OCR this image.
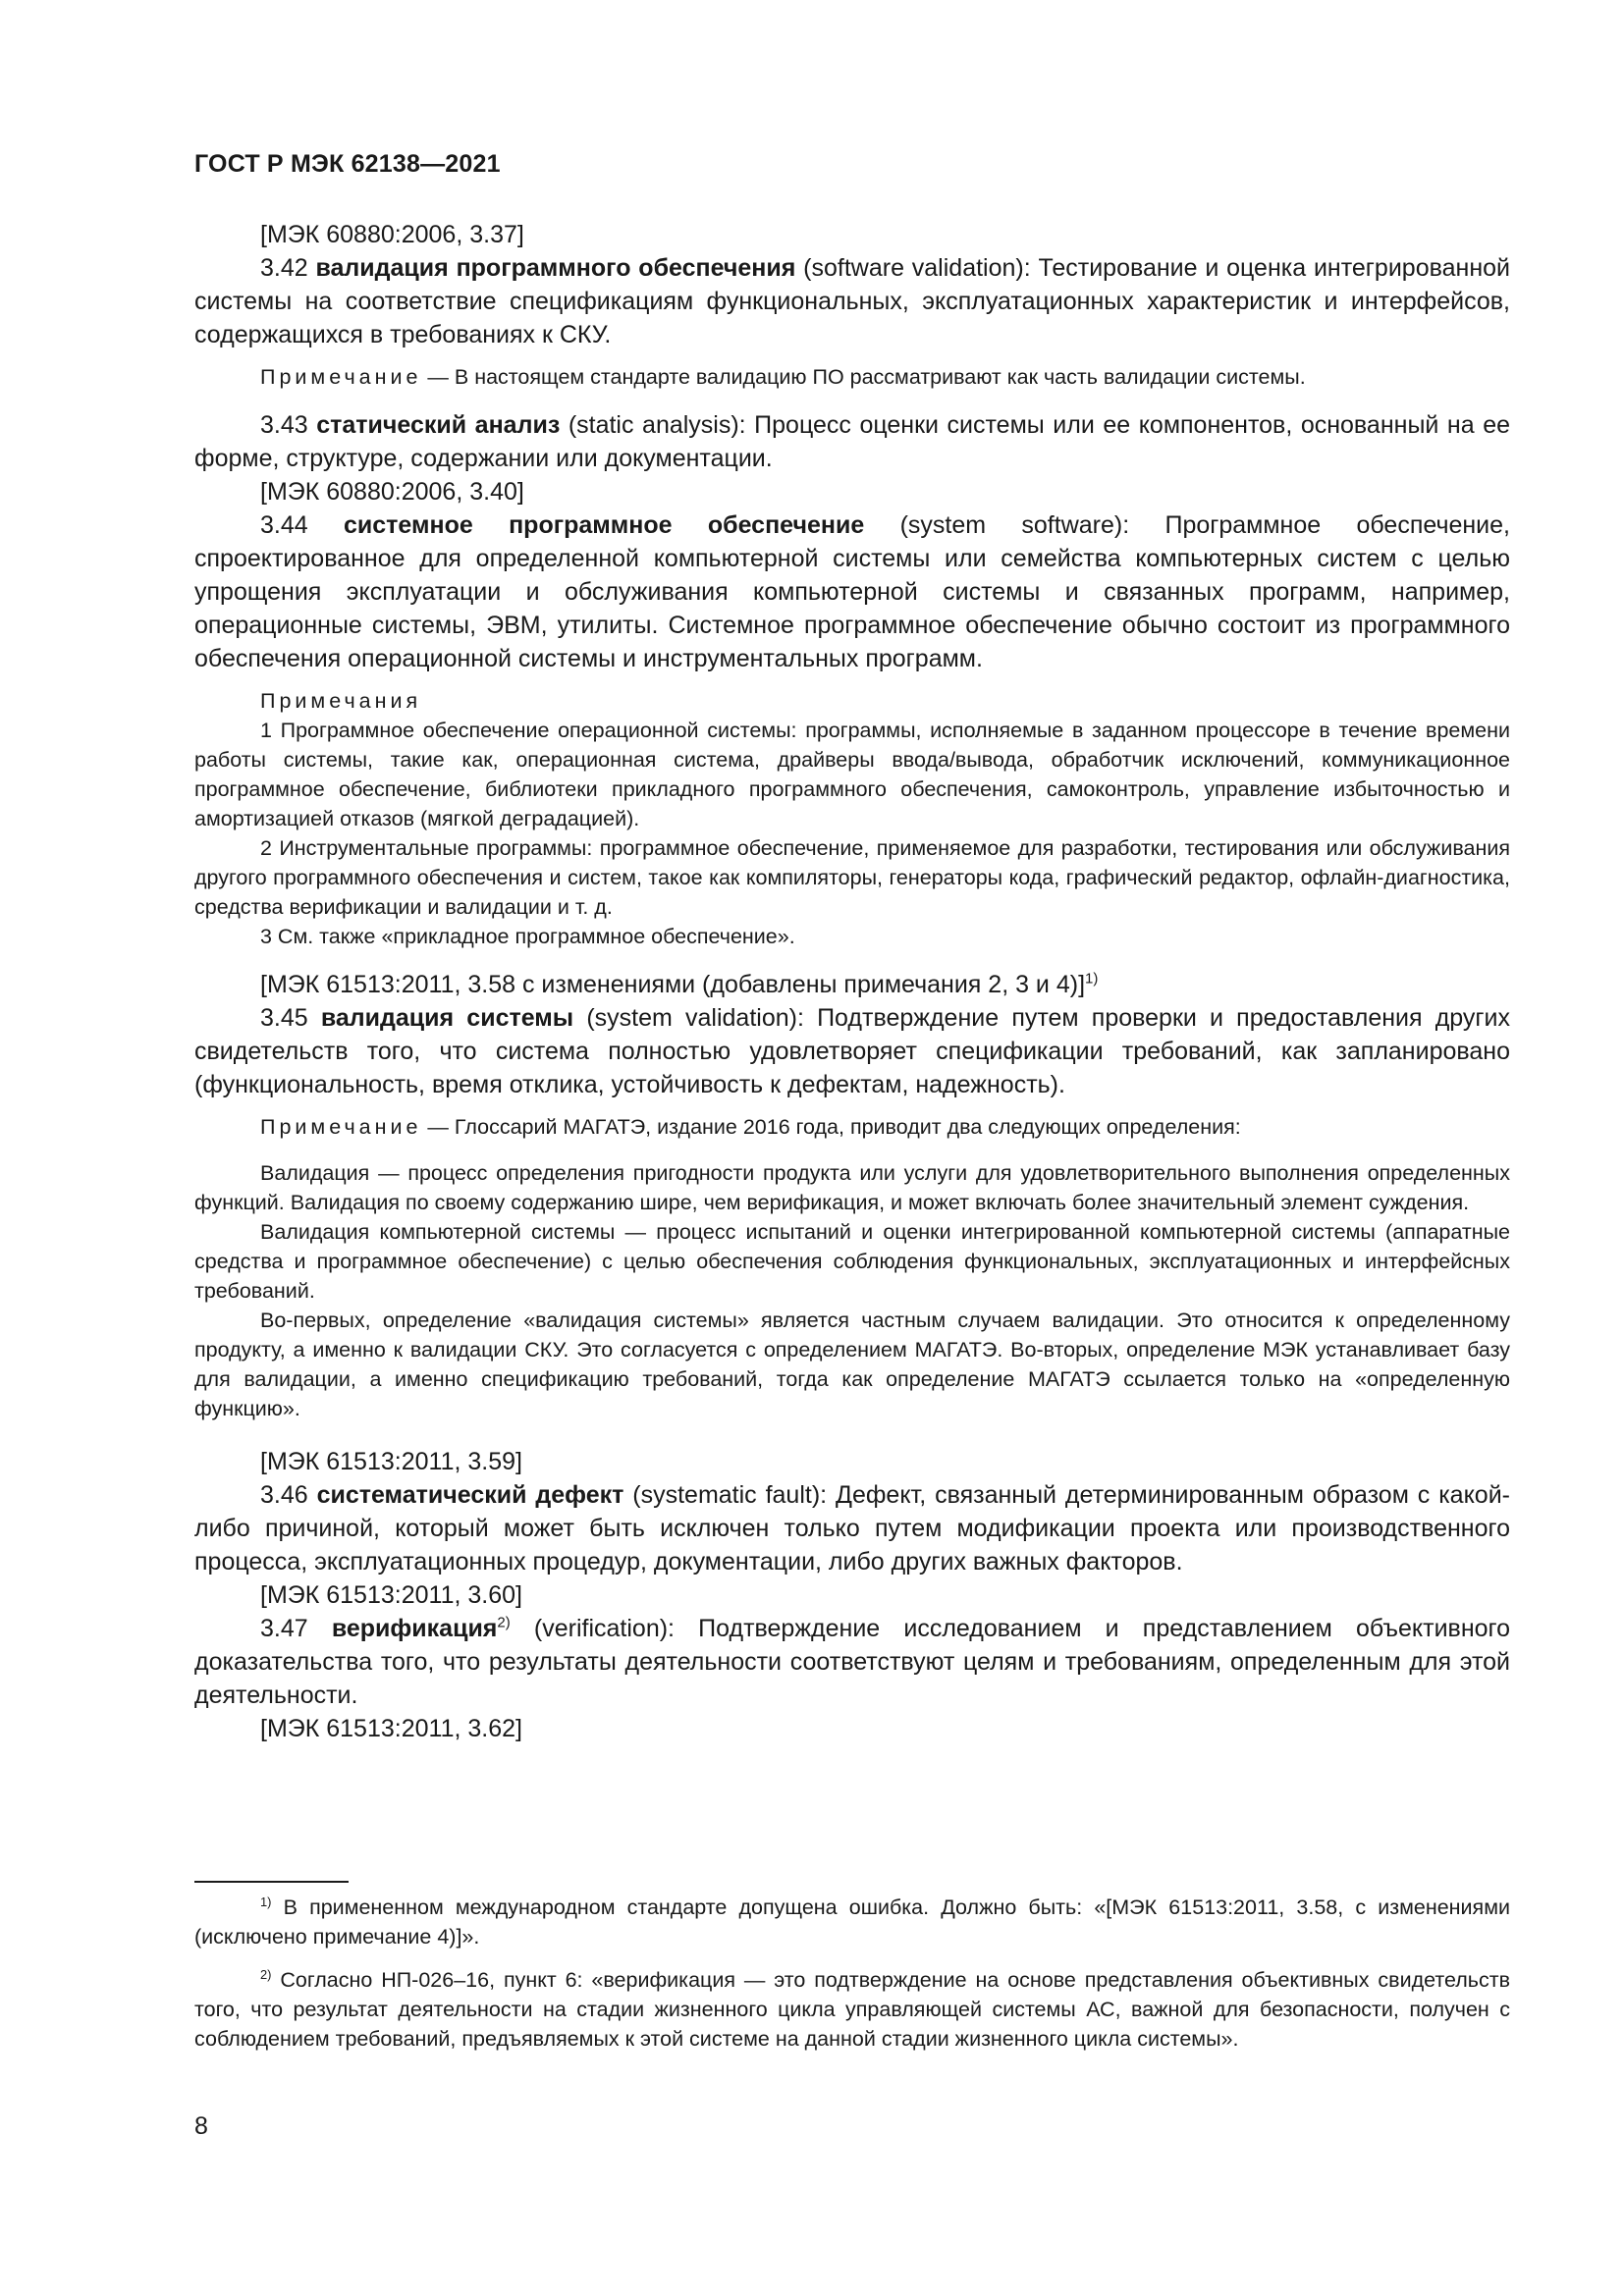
ГОСТ Р МЭК 62138—2021

[МЭК 60880:2006, 3.37]

3.42 валидация программного обеспечения (software validation): Тестирование и оценка интегрированной системы на соответствие спецификациям функциональных, эксплуатационных характеристик и интерфейсов, содержащихся в требованиях к СКУ.

Примечание — В настоящем стандарте валидацию ПО рассматривают как часть валидации системы.

3.43 статический анализ (static analysis): Процесс оценки системы или ее компонентов, основанный на ее форме, структуре, содержании или документации.

[МЭК 60880:2006, 3.40]

3.44 системное программное обеспечение (system software): Программное обеспечение, спроектированное для определенной компьютерной системы или семейства компьютерных систем с целью упрощения эксплуатации и обслуживания компьютерной системы и связанных программ, например, операционные системы, ЭВМ, утилиты. Системное программное обеспечение обычно состоит из программного обеспечения операционной системы и инструментальных программ.

Примечания

1 Программное обеспечение операционной системы: программы, исполняемые в заданном процессоре в течение времени работы системы, такие как, операционная система, драйверы ввода/вывода, обработчик исключений, коммуникационное программное обеспечение, библиотеки прикладного программного обеспечения, самоконтроль, управление избыточностью и амортизацией отказов (мягкой деградацией).

2 Инструментальные программы: программное обеспечение, применяемое для разработки, тестирования или обслуживания другого программного обеспечения и систем, такое как компиляторы, генераторы кода, графический редактор, офлайн-диагностика, средства верификации и валидации и т. д.

3 См. также «прикладное программное обеспечение».

[МЭК 61513:2011, 3.58 с изменениями (добавлены примечания 2, 3 и 4)]$^{1)}$

3.45 валидация системы (system validation): Подтверждение путем проверки и предоставления других свидетельств того, что система полностью удовлетворяет спецификации требований, как запланировано (функциональность, время отклика, устойчивость к дефектам, надежность).

Примечание — Глоссарий МАГАТЭ, издание 2016 года, приводит два следующих определения:

Валидация — процесс определения пригодности продукта или услуги для удовлетворительного выполнения определенных функций. Валидация по своему содержанию шире, чем верификация, и может включать более значительный элемент суждения.

Валидация компьютерной системы — процесс испытаний и оценки интегрированной компьютерной системы (аппаратные средства и программное обеспечение) с целью обеспечения соблюдения функциональных, эксплуатационных и интерфейсных требований.

Во-первых, определение «валидация системы» является частным случаем валидации. Это относится к определенному продукту, а именно к валидации СКУ. Это согласуется с определением МАГАТЭ. Во-вторых, определение МЭК устанавливает базу для валидации, а именно спецификацию требований, тогда как определение МАГАТЭ ссылается только на «определенную функцию».

[МЭК 61513:2011, 3.59]

3.46 систематический дефект (systematic fault): Дефект, связанный детерминированным образом с какой-либо причиной, который может быть исключен только путем модификации проекта или производственного процесса, эксплуатационных процедур, документации, либо других важных факторов.

[МЭК 61513:2011, 3.60]

3.47 верификация$^{2)}$ (verification): Подтверждение исследованием и представлением объективного доказательства того, что результаты деятельности соответствуют целям и требованиям, определенным для этой деятельности.

[МЭК 61513:2011, 3.62]

$^{1)}$ В примененном международном стандарте допущена ошибка. Должно быть: «[МЭК 61513:2011, 3.58, с изменениями (исключено примечание 4)]».

$^{2)}$ Согласно НП-026–16, пункт 6: «верификация — это подтверждение на основе представления объективных свидетельств того, что результат деятельности на стадии жизненного цикла управляющей системы АС, важной для безопасности, получен с соблюдением требований, предъявляемых к этой системе на данной стадии жизненного цикла системы».

8
